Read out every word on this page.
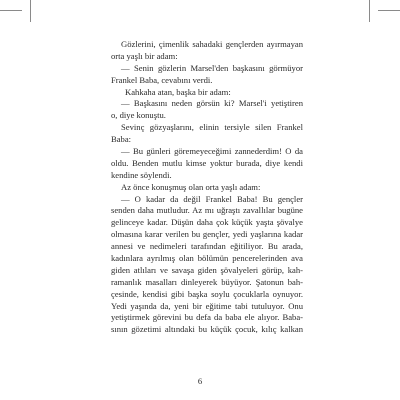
Gözlerini, çimenlik sahadaki gençlerden ayırmayan
orta yaşlı bir adam:
— Senin gözlerin Marsel'den başkasını görmüyor
Frankel Baba, cevabını verdi.
Kahkaha atan, başka bir adam:
— Başkasını neden görsün ki? Marsel'i yetiştiren
o, diye konuştu.
Sevinç gözyaşlarını, elinin tersiyle silen Frankel
Baba:
— Bu günleri göremeyeceğimi zannederdim! O da
oldu. Benden mutlu kimse yoktur burada, diye kendi
kendine söylendi.
Az önce konuşmuş olan orta yaşlı adam:
— O kadar da değil Frankel Baba! Bu gençler
senden daha mutludur. Az mı uğraştı zavallılar bugüne
gelinceye kadar. Düşün daha çok küçük yaşta şövalye
olmasına karar verilen bu gençler, yedi yaşlarına kadar
annesi ve nedimeleri tarafından eğitiliyor. Bu arada,
kadınlara ayrılmış olan bölümün pencerelerinden ava
giden atlıları ve savaşa giden şövalyeleri görüp, kah-
ramanlık masalları dinleyerek büyüyor. Şatonun bah-
çesinde, kendisi gibi başka soylu çocuklarla oynuyor.
Yedi yaşında da, yeni bir eğitime tabi tutuluyor. Onu
yetiştirmek görevini bu defa da baba ele alıyor. Baba-
sının gözetimi altındaki bu küçük çocuk, kılıç kalkan
6
